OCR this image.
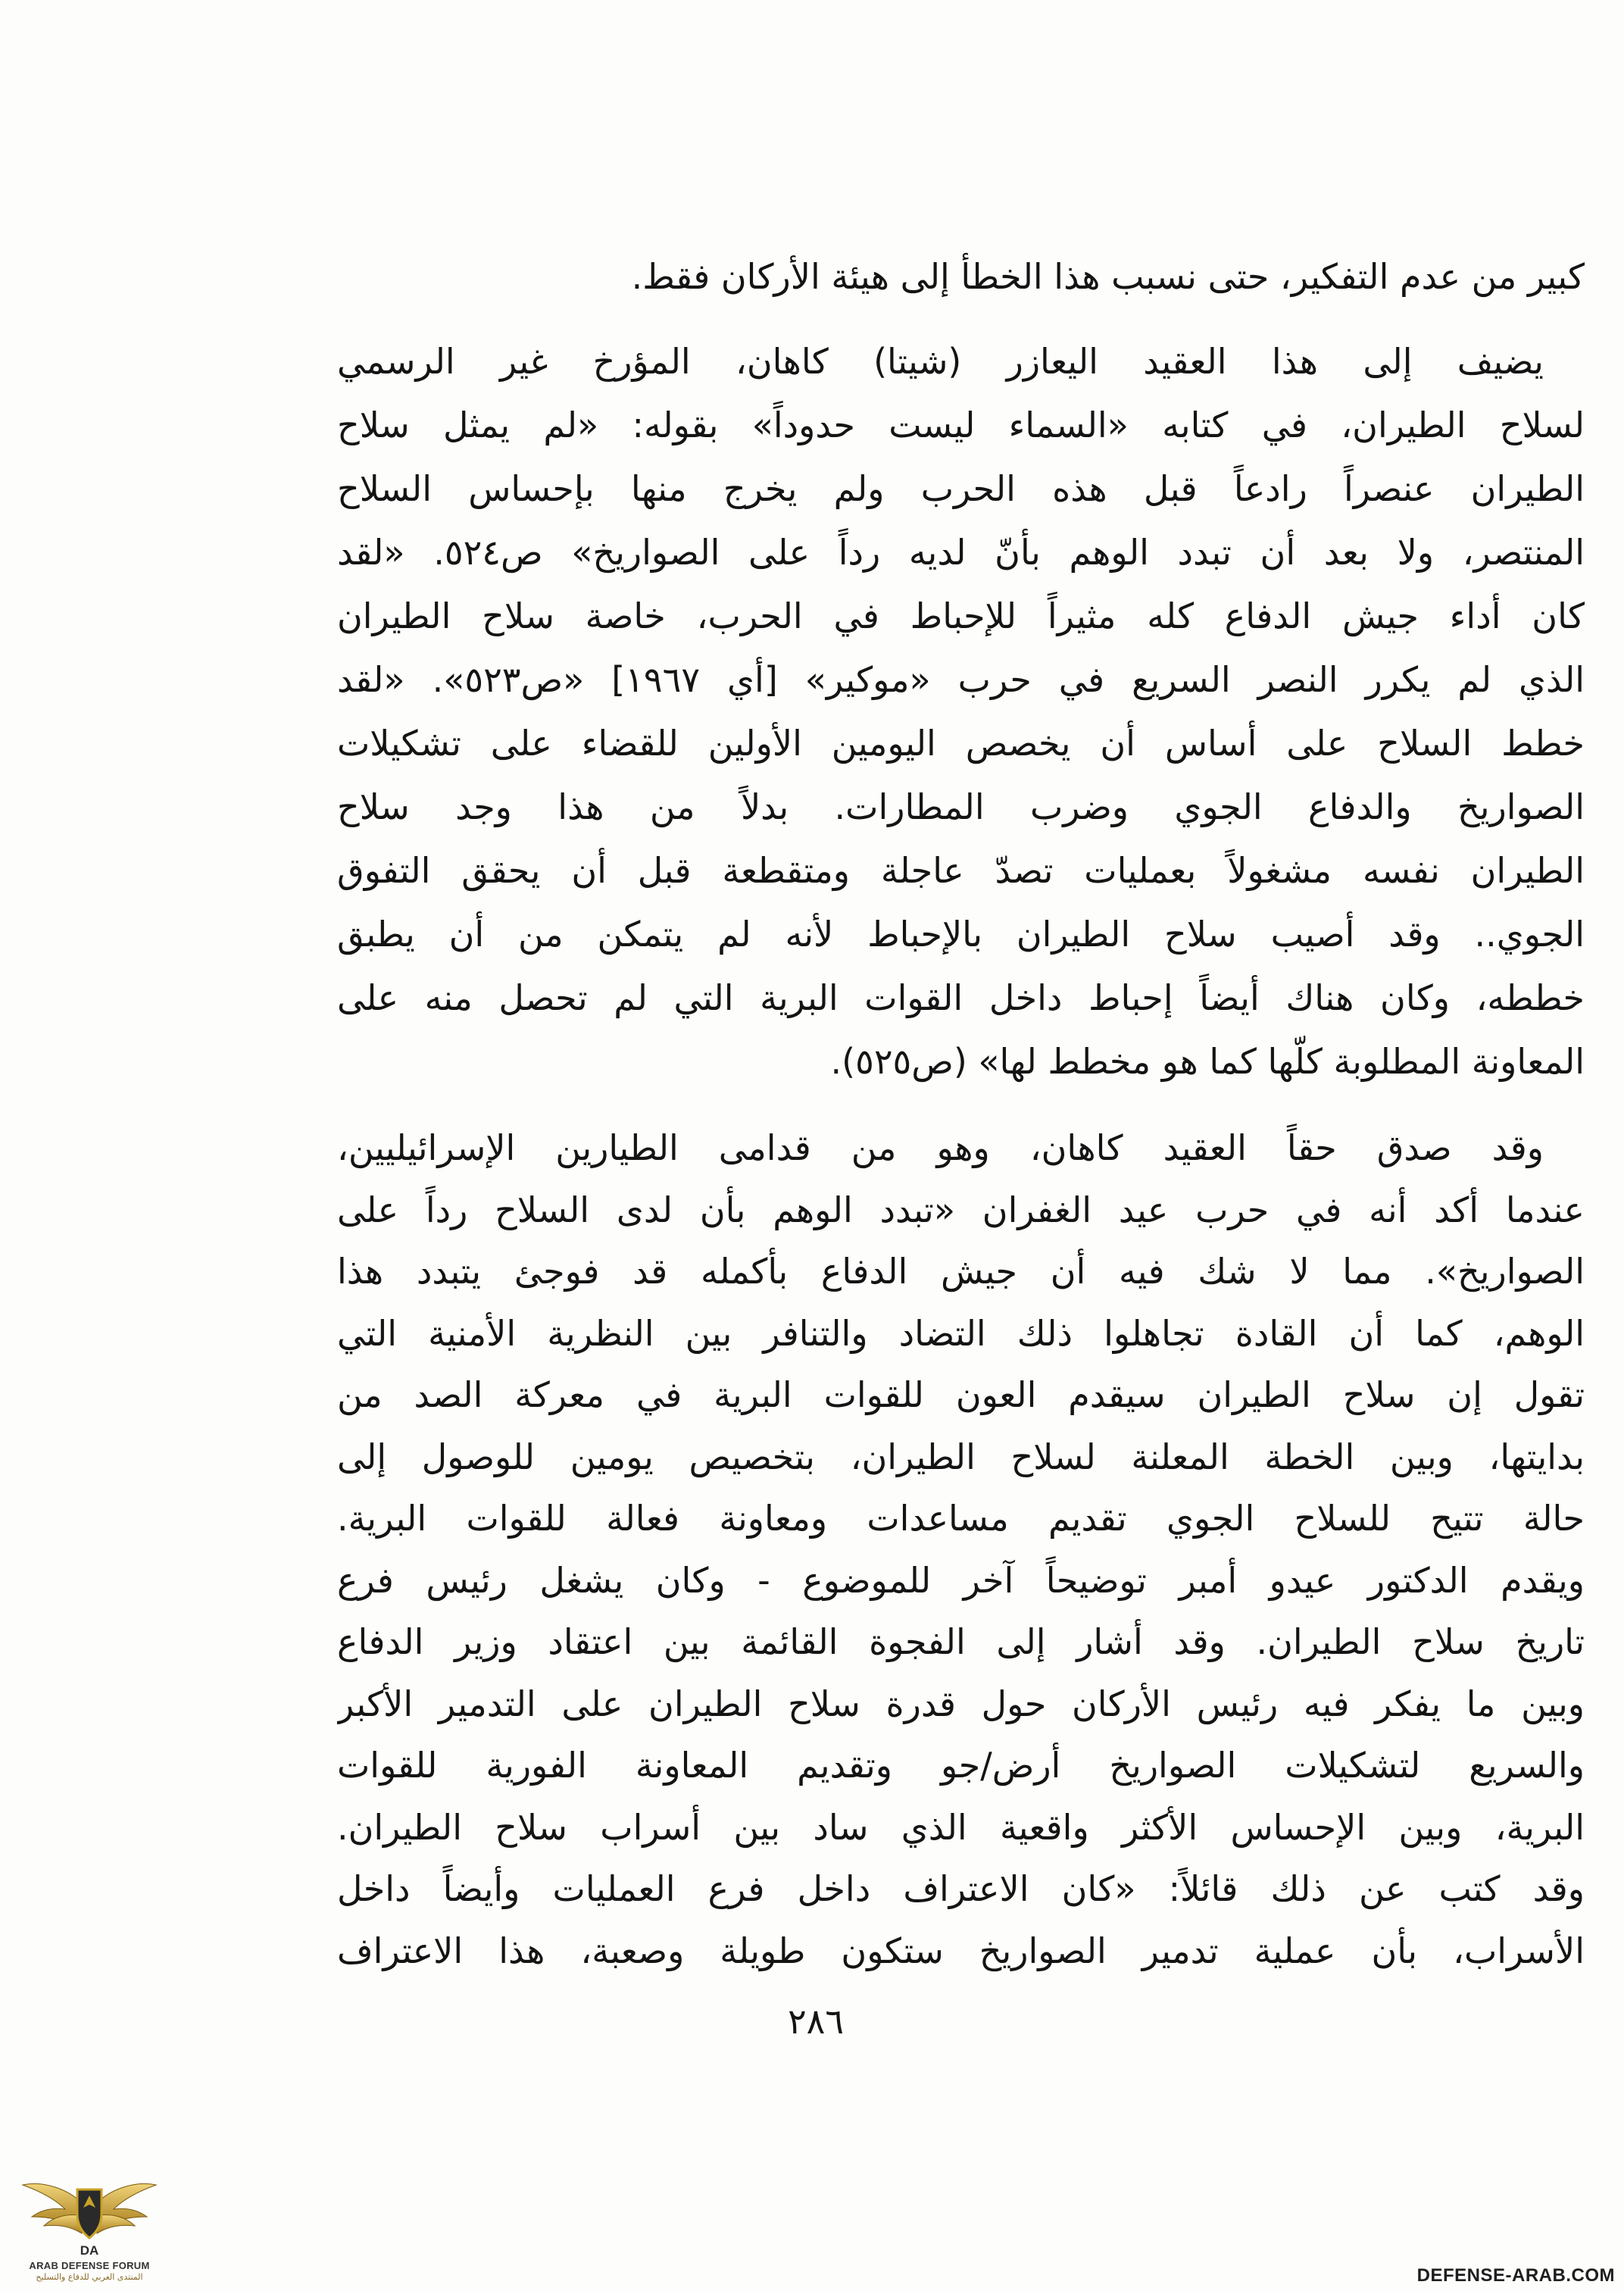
كبير من عدم التفكير، حتى نسبب هذا الخطأ إلى هيئة الأركان فقط.
يضيف إلى هذا العقيد اليعازر (شيتا) كاهان، المؤرخ غير الرسمي
لسلاح الطيران، في كتابه «السماء ليست حدوداً» بقوله: «لم يمثل سلاح
الطيران عنصراً رادعاً قبل هذه الحرب ولم يخرج منها بإحساس السلاح
المنتصر، ولا بعد أن تبدد الوهم بأنّ لديه رداً على الصواريخ» ص٥٢٤. «لقد
كان أداء جيش الدفاع كله مثيراً للإحباط في الحرب، خاصة سلاح الطيران
الذي لم يكرر النصر السريع في حرب «موكير» [أي ١٩٦٧] «ص٥٢٣». «لقد
خطط السلاح على أساس أن يخصص اليومين الأولين للقضاء على تشكيلات
الصواريخ والدفاع الجوي وضرب المطارات. بدلاً من هذا وجد سلاح
الطيران نفسه مشغولاً بعمليات تصدّ عاجلة ومتقطعة قبل أن يحقق التفوق
الجوي.. وقد أصيب سلاح الطيران بالإحباط لأنه لم يتمكن من أن يطبق
خططه، وكان هناك أيضاً إحباط داخل القوات البرية التي لم تحصل منه على
المعاونة المطلوبة كلّها كما هو مخطط لها» (ص٥٢٥).
وقد صدق حقاً العقيد كاهان، وهو من قدامى الطيارين الإسرائيليين،
عندما أكد أنه في حرب عيد الغفران «تبدد الوهم بأن لدى السلاح رداً على
الصواريخ». مما لا شك فيه أن جيش الدفاع بأكمله قد فوجئ يتبدد هذا
الوهم، كما أن القادة تجاهلوا ذلك التضاد والتنافر بين النظرية الأمنية التي
تقول إن سلاح الطيران سيقدم العون للقوات البرية في معركة الصد من
بدايتها، وبين الخطة المعلنة لسلاح الطيران، بتخصيص يومين للوصول إلى
حالة تتيح للسلاح الجوي تقديم مساعدات ومعاونة فعالة للقوات البرية.
ويقدم الدكتور عيدو أمبر توضيحاً آخر للموضوع - وكان يشغل رئيس فرع
تاريخ سلاح الطيران. وقد أشار إلى الفجوة القائمة بين اعتقاد وزير الدفاع
وبين ما يفكر فيه رئيس الأركان حول قدرة سلاح الطيران على التدمير الأكبر
والسريع لتشكيلات الصواريخ أرض/جو وتقديم المعاونة الفورية للقوات
البرية، وبين الإحساس الأكثر واقعية الذي ساد بين أسراب سلاح الطيران.
وقد كتب عن ذلك قائلاً: «كان الاعتراف داخل فرع العمليات وأيضاً داخل
الأسراب، بأن عملية تدمير الصواريخ ستكون طويلة وصعبة، هذا الاعتراف
٢٨٦
DA
ARAB DEFENSE FORUM
المنتدى العربي للدفاع والتسليح	DEFENSE-ARAB.COM
